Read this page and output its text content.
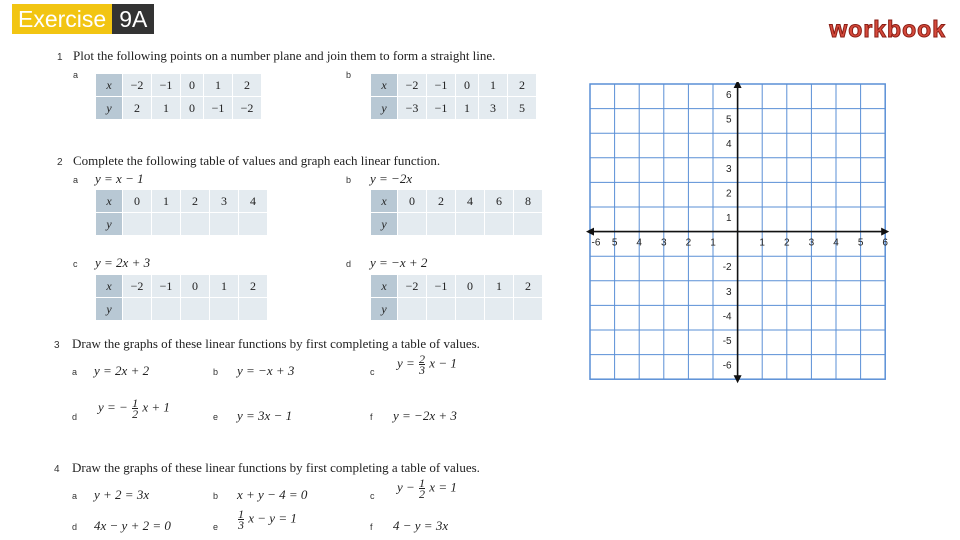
Exercise 9A	workbook
1 Plot the following points on a number plane and join them to form a straight line.
a
x	−2	−1	0	1	2
y	2	1	0	−1	−2
b
x	−2	−1	0	1	2
y	−3	−1	1	3	5
2 Complete the following table of values and graph each linear function.
a y = x − 1
x	0	1	2	3	4
y					
b y = −2x
x	0	2	4	6	8
y					
c y = 2x + 3
x	−2	−1	0	1	2
y					
d y = −x + 2
x	−2	−1	0	1	2
y					
3 Draw the graphs of these linear functions by first completing a table of values.
a y = 2x + 2	b y = −x + 3	c
$y = \frac{2}{3}$ x − 1
d
y = − $\frac{1}{2}$ x + 1
e y = 3x − 1	f y = −2x + 3
4 Draw the graphs of these linear functions by first completing a table of values.
a y + 2 = 3x	b x + y − 4 = 0	c
$y - \frac{1}{2}$ x = 1
d 4x − y + 2 = 0	e $\frac{1}{3}$ x − y = 1
f 4 − y = 3x
-6 5 4 3 2 1	1 2 3 4 5 6
6
5
4
3
2
1
-2
3
-4
-5
-6
